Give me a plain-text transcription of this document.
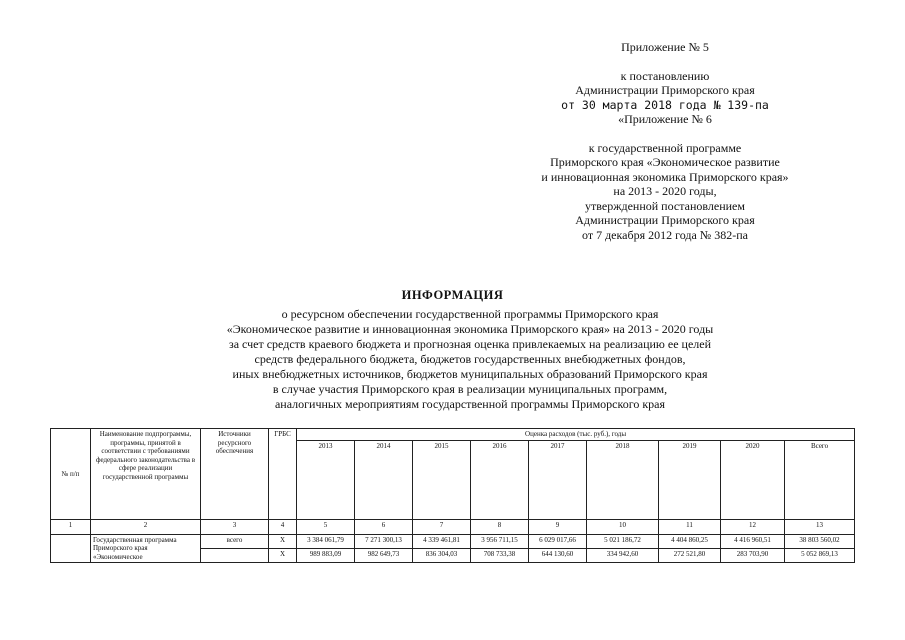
Приложение № 5
к постановлению
Администрации Приморского края
от 30 марта 2018 года № 139-па
«Приложение № 6
к государственной программе
Приморского края «Экономическое развитие
и инновационная экономика Приморского края»
на 2013 - 2020 годы,
утвержденной постановлением
Администрации Приморского края
от 7 декабря 2012 года № 382-па
ИНФОРМАЦИЯ
о ресурсном обеспечении государственной программы Приморского края
«Экономическое развитие и инновационная экономика Приморского края» на 2013 - 2020 годы
за счет средств краевого бюджета и прогнозная оценка привлекаемых на реализацию ее целей
средств федерального бюджета, бюджетов государственных внебюджетных фондов,
иных внебюджетных источников, бюджетов муниципальных образований Приморского края
в случае участия Приморского края в реализации муниципальных программ,
аналогичных мероприятиям государственной программы Приморского края
№ п/п	Наименование подпрограммы, программы, принятой в соответствии с требованиями федерального законодательства в сфере реализации государственной программы	Источники ресурсного обеспечения	ГРБС	Оценка расходов (тыс. руб.), годы								
				2013	2014	2015	2016	2017	2018	2019	2020	Всего
1	2	3	4	5	6	7	8	9	10	11	12	13
	Государственная программа Приморского края «Экономическое	всего	X	3 384 061,79	7 271 300,13	4 339 461,81	3 956 711,15	6 029 017,66	5 021 186,72	4 404 860,25	4 416 960,51	38 803 560,02
			X	989 883,09	982 649,73	836 304,03	708 733,38	644 130,60	334 942,60	272 521,80	283 703,90	5 052 869,13
